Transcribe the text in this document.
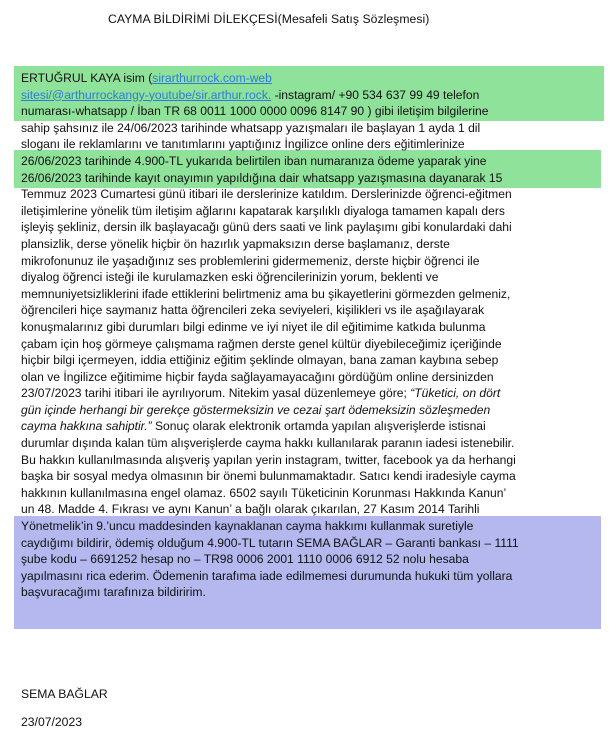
CAYMA BİLDİRİMİ DİLEKÇESİ(Mesafeli Satış Sözleşmesi)
ERTUĞRUL KAYA isim (sirarthurrock.com-web
sitesi/@arthurrockangy-youtube/sir.arthur.rock. -instagram/ +90 534 637 99 49 telefon
numarası-whatsapp / İban TR 68 0011 1000 0000 0096 8147 90 ) gibi iletişim bilgilerine
sahip şahsınız ile 24/06/2023 tarihinde whatsapp yazışmaları ile başlayan 1 ayda 1 dil
sloganı ile reklamlarını ve tanıtımlarını yaptığınız İngilizce online ders eğitimlerinize
26/06/2023 tarihinde 4.900-TL yukarıda belirtilen iban numaranıza ödeme yaparak yine
26/06/2023 tarihinde kayıt onayımın yapıldığına dair whatsapp yazışmasına dayanarak 15
Temmuz 2023 Cumartesi günü itibari ile derslerinize katıldım. Derslerinizde öğrenci-eğitmen
iletişimlerine yönelik tüm iletişim ağlarını kapatarak karşılıklı diyaloga tamamen kapalı ders
işleyiş şekliniz, dersin ilk başlayacağı günü ders saati ve link paylaşımı gibi konulardaki dahi
plansizlik, derse yönelik hiçbir ön hazırlık yapmaksızın derse başlamanız, derste
mikrofonunuz ile yaşadığınız ses problemlerini gidermemeniz, derste hiçbir öğrenci ile
diyalog öğrenci isteği ile kurulamazken eski öğrencilerinizin yorum, beklenti ve
memnuniyetsizliklerini ifade ettiklerini belirtmeniz ama bu şikayetlerini görmezden gelmeniz,
öğrencileri hiçe saymanız hatta öğrencileri zeka seviyeleri, kişilikleri vs ile aşağılayarak
konuşmalarınız gibi durumları bilgi edinme ve iyi niyet ile dil eğitimime katkıda bulunma
çabam için hoş görmeye çalışmama rağmen derste genel kültür diyebileceğimiz içeriğinde
hiçbir bilgi içermeyen, iddia ettiğiniz eğitim şeklinde olmayan, bana zaman kaybına sebep
olan ve İngilizce eğitimime hiçbir fayda sağlayamayacağını gördüğüm online dersinizden
23/07/2023 tarihi itibari ile ayrılıyorum. Nitekim yasal düzenlemeye göre; “Tüketici, on dört
gün içinde herhangi bir gerekçe göstermeksizin ve cezai şart ödemeksizin sözleşmeden
cayma hakkına sahiptir.” Sonuç olarak elektronik ortamda yapılan alışverişlerde istisnai
durumlar dışında kalan tüm alışverişlerde cayma hakkı kullanılarak paranın iadesi istenebilir.
Bu hakkın kullanılmasında alışveriş yapılan yerin instagram, twitter, facebook ya da herhangi
başka bir sosyal medya olmasının bir önemi bulunmamaktadır. Satıcı kendi iradesiyle cayma
hakkının kullanılmasına engel olamaz. 6502 sayılı Tüketicinin Korunması Hakkında Kanun’
un 48. Madde 4. Fıkrası ve aynı Kanun’ a bağlı olarak çıkarılan, 27 Kasım 2014 Tarihli
Yönetmelik’in 9.’uncu maddesinden kaynaklanan cayma hakkımı kullanmak suretiyle
caydığımı bildirir, ödemiş olduğum 4.900-TL tutarın SEMA BAĞLAR – Garanti bankası – 1111
şube kodu – 6691252 hesap no – TR98 0006 2001 1110 0006 6912 52 nolu hesaba
yapılmasını rica ederim. Ödemenin tarafıma iade edilmemesi durumunda hukuki tüm yollara
başvuracağımı tarafınıza bildiririm.
SEMA BAĞLAR
23/07/2023
